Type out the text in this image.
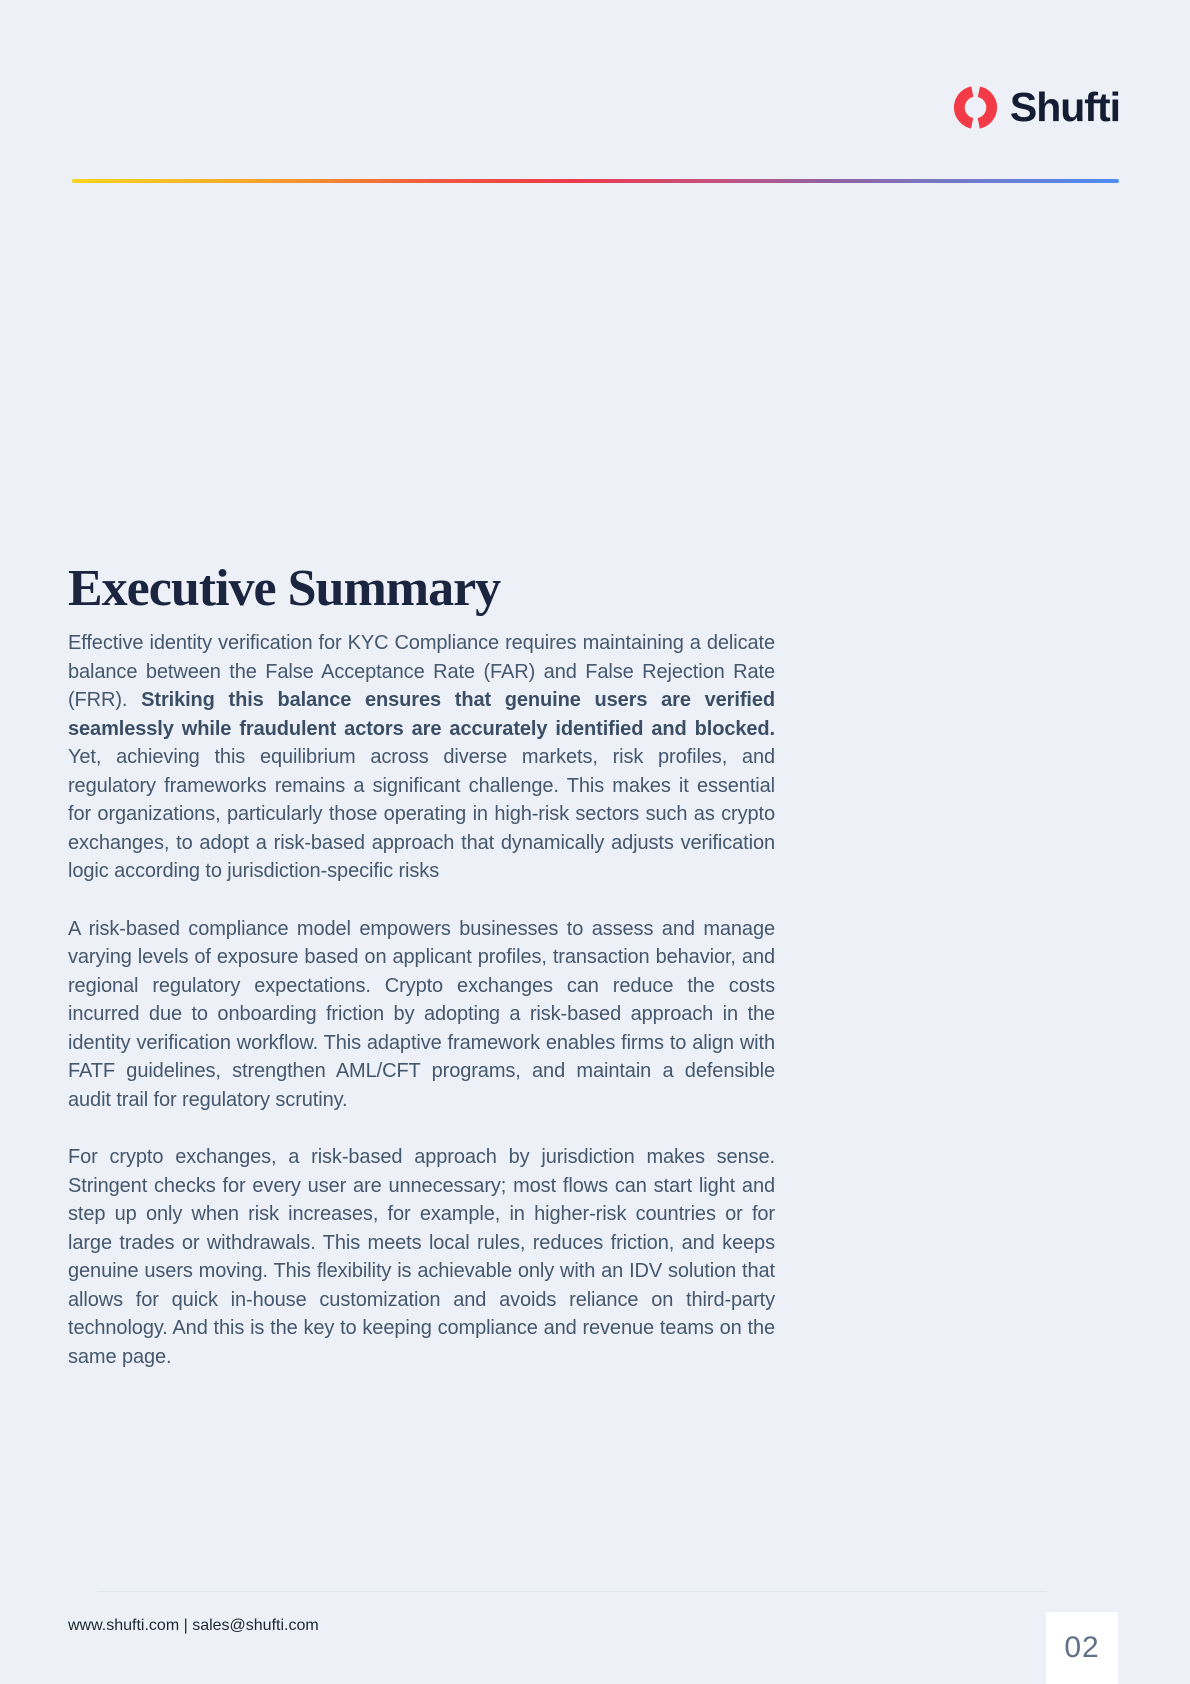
Shufti
Executive Summary

Effective identity verification for KYC Compliance requires maintaining a delicate balance between the False Acceptance Rate (FAR) and False Rejection Rate (FRR). Striking this balance ensures that genuine users are verified seamlessly while fraudulent actors are accurately identified and blocked. Yet, achieving this equilibrium across diverse markets, risk profiles, and regulatory frameworks remains a significant challenge. This makes it essential for organizations, particularly those operating in high-risk sectors such as crypto exchanges, to adopt a risk-based approach that dynamically adjusts verification logic according to jurisdiction-specific risks

A risk-based compliance model empowers businesses to assess and manage varying levels of exposure based on applicant profiles, transaction behavior, and regional regulatory expectations. Crypto exchanges can reduce the costs incurred due to onboarding friction by adopting a risk-based approach in the identity verification workflow. This adaptive framework enables firms to align with FATF guidelines, strengthen AML/CFT programs, and maintain a defensible audit trail for regulatory scrutiny.

For crypto exchanges, a risk-based approach by jurisdiction makes sense. Stringent checks for every user are unnecessary; most flows can start light and step up only when risk increases, for example, in higher-risk countries or for large trades or withdrawals. This meets local rules, reduces friction, and keeps genuine users moving. This flexibility is achievable only with an IDV solution that allows for quick in-house customization and avoids reliance on third-party technology. And this is the key to keeping compliance and revenue teams on the same page.

www.shufti.com | sales@shufti.com
02
